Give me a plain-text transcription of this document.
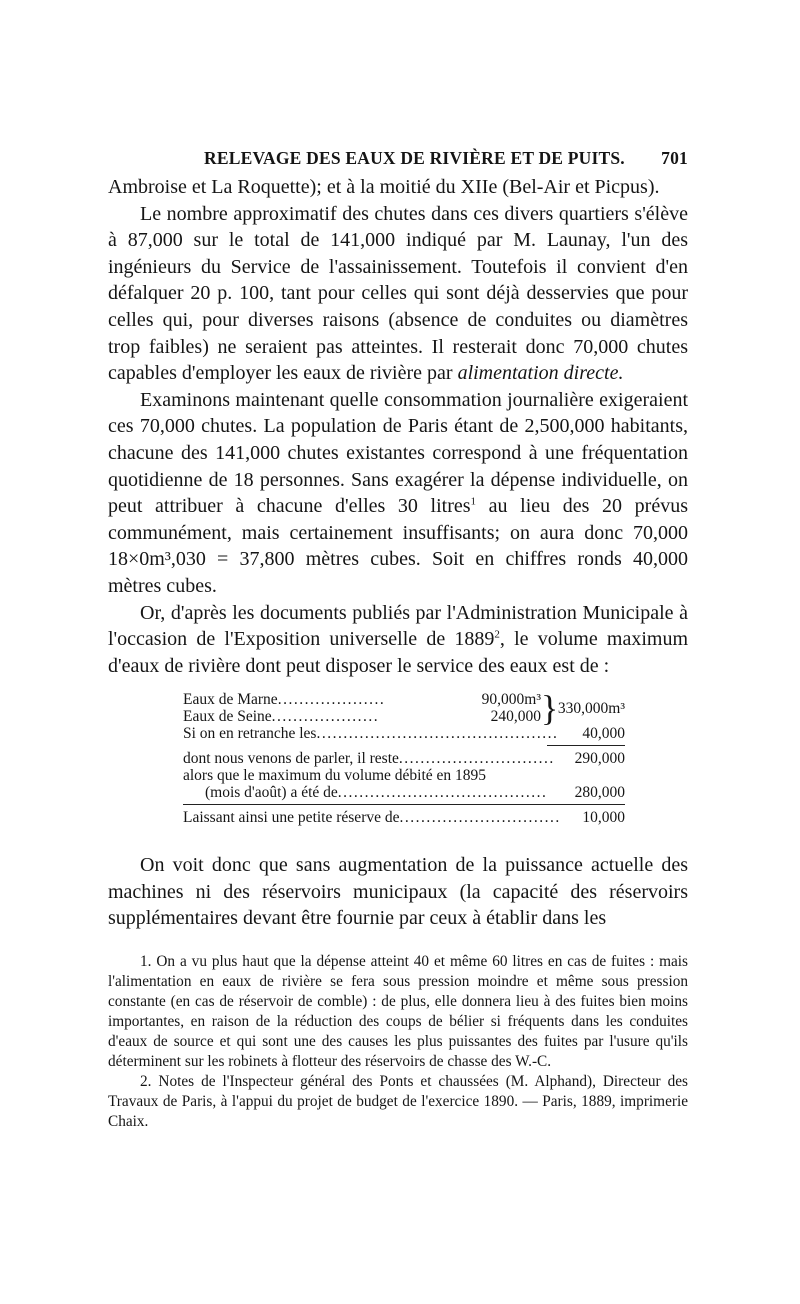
RELEVAGE DES EAUX DE RIVIÈRE ET DE PUITS. 701

Ambroise et La Roquette); et à la moitié du XIIe (Bel-Air et Picpus).

Le nombre approximatif des chutes dans ces divers quartiers s'élève à 87,000 sur le total de 141,000 indiqué par M. Launay, l'un des ingénieurs du Service de l'assainissement. Toutefois il convient d'en défalquer 20 p. 100, tant pour celles qui sont déjà desservies que pour celles qui, pour diverses raisons (absence de conduites ou diamètres trop faibles) ne seraient pas atteintes. Il resterait donc 70,000 chutes capables d'employer les eaux de rivière par alimentation directe.

Examinons maintenant quelle consommation journalière exigeraient ces 70,000 chutes. La population de Paris étant de 2,500,000 habitants, chacune des 141,000 chutes existantes correspond à une fréquentation quotidienne de 18 personnes. Sans exagérer la dépense individuelle, on peut attribuer à chacune d'elles 30 litres$^1$ au lieu des 20 prévus communément, mais certainement insuffisants; on aura donc 70,000 18×0m³,030 = 37,800 mètres cubes. Soit en chiffres ronds 40,000 mètres cubes.

Or, d'après les documents publiés par l'Administration Municipale à l'occasion de l'Exposition universelle de 1889$^2$, le volume maximum d'eaux de rivière dont peut disposer le service des eaux est de :

Eaux de Marne....................	90,000m³
Eaux de Seine....................	240,000 } 330,000m³
Si on en retranche les.............................................	40,000
dont nous venons de parler, il reste.............................	290,000
alors que le maximum du volume débité en 1895
(mois d'août) a été de.......................................	280,000
Laissant ainsi une petite réserve de..............................	10,000

On voit donc que sans augmentation de la puissance actuelle des machines ni des réservoirs municipaux (la capacité des réservoirs supplémentaires devant être fournie par ceux à établir dans les

1. On a vu plus haut que la dépense atteint 40 et même 60 litres en cas de fuites : mais l'alimentation en eaux de rivière se fera sous pression moindre et même sous pression constante (en cas de réservoir de comble) : de plus, elle donnera lieu à des fuites bien moins importantes, en raison de la réduction des coups de bélier si fréquents dans les conduites d'eaux de source et qui sont une des causes les plus puissantes des fuites par l'usure qu'ils déterminent sur les robinets à flotteur des réservoirs de chasse des W.-C.

2. Notes de l'Inspecteur général des Ponts et chaussées (M. Alphand), Directeur des Travaux de Paris, à l'appui du projet de budget de l'exercice 1890. — Paris, 1889, imprimerie Chaix.
